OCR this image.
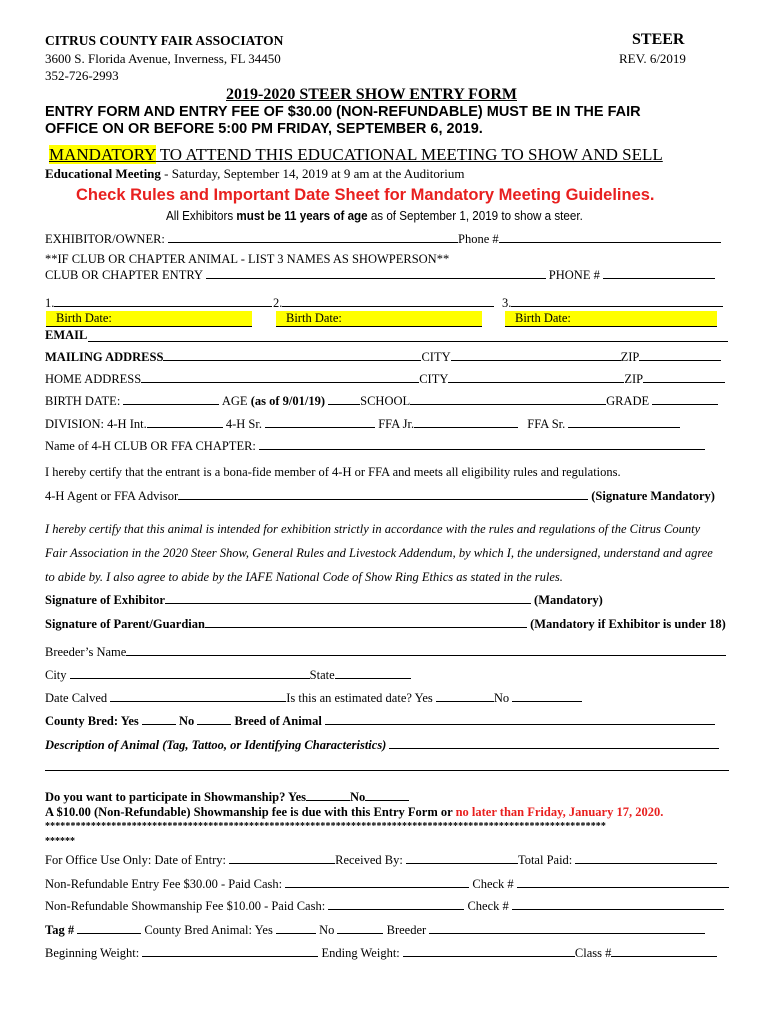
CITRUS COUNTY FAIR ASSOCIATON
3600 S. Florida Avenue, Inverness, FL 34450
352-726-2993
STEER
REV. 6/2019
2019-2020 STEER SHOW ENTRY FORM
ENTRY FORM AND ENTRY FEE OF $30.00 (NON-REFUNDABLE) MUST BE IN THE FAIR
OFFICE ON OR BEFORE 5:00 PM FRIDAY, SEPTEMBER 6, 2019.
MANDATORY TO ATTEND THIS EDUCATIONAL MEETING TO SHOW AND SELL
Educational Meeting - Saturday, September 14, 2019 at 9 am at the Auditorium
Check Rules and Important Date Sheet for Mandatory Meeting Guidelines.
All Exhibitors must be 11 years of age as of September 1, 2019 to show a steer.
EXHIBITOR/OWNER:	Phone #
**IF CLUB OR CHAPTER ANIMAL - LIST 3 NAMES AS SHOWPERSON**
CLUB OR CHAPTER ENTRY	PHONE #
1.	2.	3.
Birth Date:	Birth Date:	Birth Date:
EMAIL
MAILING ADDRESS	CITY	ZIP
HOME ADDRESS	CITY	ZIP
BIRTH DATE:	AGE (as of 9/01/19)	SCHOOL	GRADE
DIVISION: 4-H Int.	4-H Sr.	FFA Jr.	FFA Sr.
Name of 4-H CLUB OR FFA CHAPTER:
I hereby certify that the entrant is a bona-fide member of 4-H or FFA and meets all eligibility rules and regulations.
4-H Agent or FFA Advisor	(Signature Mandatory)
I hereby certify that this animal is intended for exhibition strictly in accordance with the rules and regulations of the Citrus County
Fair Association in the 2020 Steer Show, General Rules and Livestock Addendum, by which I, the undersigned, understand and agree
to abide by. I also agree to abide by the IAFE National Code of Show Ring Ethics as stated in the rules.
Signature of Exhibitor	(Mandatory)
Signature of Parent/Guardian	(Mandatory if Exhibitor is under 18)
Breeder’s Name
City	State
Date Calved	Is this an estimated date? Yes	No
County Bred: Yes	No	Breed of Animal
Description of Animal (Tag, Tattoo, or Identifying Characteristics)
Do you want to participate in Showmanship? Yes	No
A $10.00 (Non-Refundable) Showmanship fee is due with this Entry Form or no later than Friday, January 17, 2020.
**************************************************************************************************************
******
For Office Use Only: Date of Entry:	Received By:	Total Paid:
Non-Refundable Entry Fee $30.00 - Paid Cash:	Check #
Non-Refundable Showmanship Fee $10.00 - Paid Cash:	Check #
Tag #	County Bred Animal: Yes	No	Breeder
Beginning Weight:	Ending Weight:	Class #
